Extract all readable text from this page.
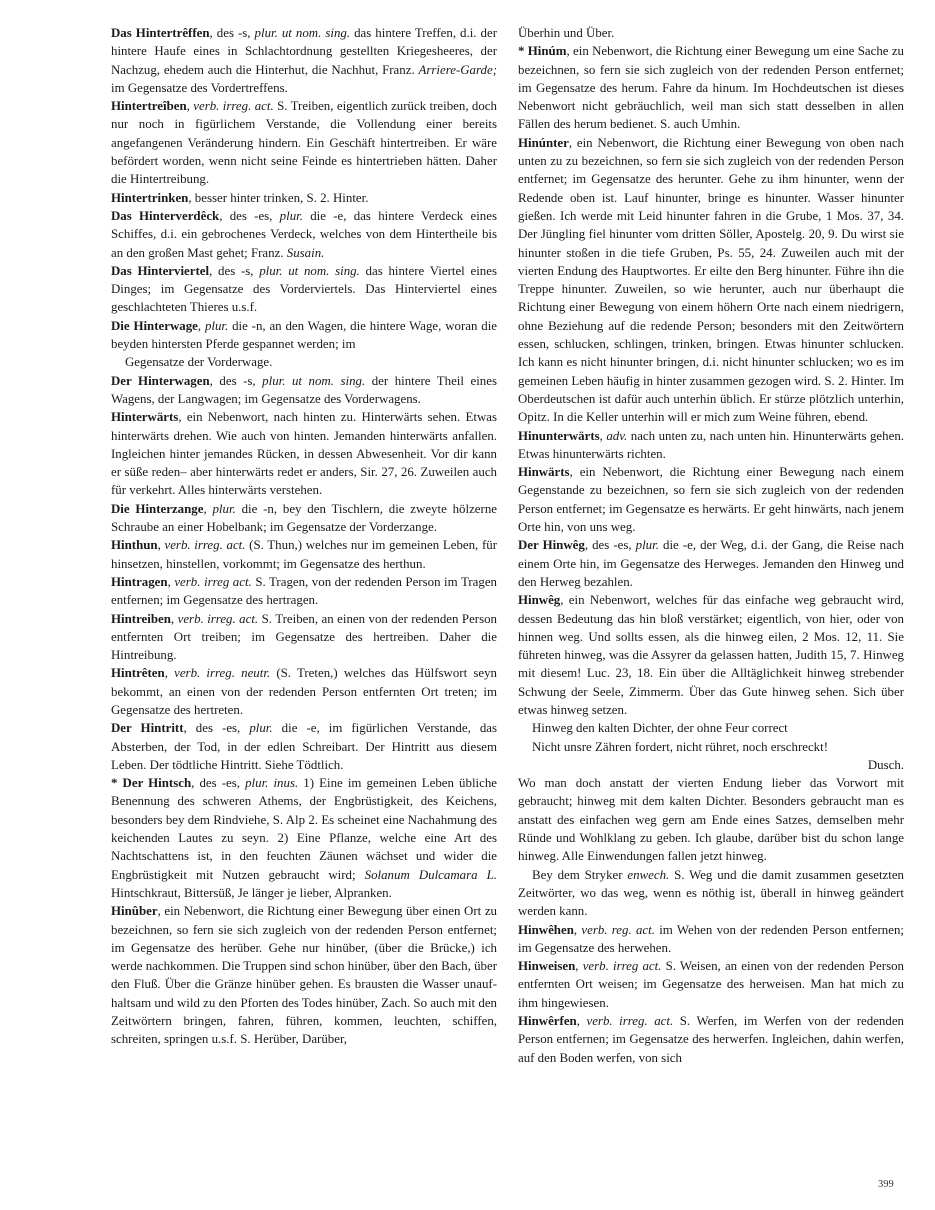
Das Hintertrêffen, des -s, plur. ut nom. sing. das hintere Treffen, d.i. der hintere Haufe eines in Schlachtordnung gestellten Kriegesheeres, der Nachzug, ehedem auch die Hinterhut, die Nachhut, Franz. Arriere-Garde; im Gegensatze des Vordertreffens.

Hintertreîben, verb. irreg. act. S. Treiben, eigentlich zurück treiben, doch nur noch in figürlichem Verstande, die Vollendung einer bereits angefangenen Veränderung hindern. Ein Geschäft hintertreiben. Er wäre befördert worden, wenn nicht seine Feinde es hintertrieben hätten. Daher die Hintertreibung.

Hintertrinken, besser hinter trinken, S. 2. Hinter.

Das Hinterverdêck, des -es, plur. die -e, das hintere Verdeck eines Schiffes, d.i. ein gebrochenes Verdeck, welches von dem Hintertheile bis an den großen Mast gehet; Franz. Susain.

Das Hinterviertel, des -s, plur. ut nom. sing. das hintere Viertel eines Dinges; im Gegensatze des Vorderviertels. Das Hinterviertel eines geschlachteten Thieres u.s.f.

Die Hinterwage, plur. die -n, an den Wagen, die hintere Wage, woran die beyden hintersten Pferde gespannet werden; im

Gegensatze der Vorderwage.

Der Hinterwagen, des -s, plur. ut nom. sing. der hintere Theil eines Wagens, der Langwagen; im Gegensatze des Vorderwagens.

Hinterwärts, ein Nebenwort, nach hinten zu. Hinterwärts sehen. Etwas hinterwärts drehen. Wie auch von hinten. Jemanden hinterwärts anfallen. Ingleichen hinter jemandes Rücken, in dessen Abwesenheit. Vor dir kann er süße reden– aber hinterwärts redet er anders, Sir. 27, 26. Zuweilen auch für verkehrt. Alles hinterwärts verstehen.

Die Hinterzange, plur. die -n, bey den Tischlern, die zweyte hölzerne Schraube an einer Hobelbank; im Gegensatze der Vorderzange.

Hinthun, verb. irreg. act. (S. Thun,) welches nur im gemeinen Leben, für hinsetzen, hinstellen, vorkommt; im Gegensatze des herthun.

Hintragen, verb. irreg act. S. Tragen, von der redenden Person im Tragen entfernen; im Gegensatze des hertragen.

Hintreiben, verb. irreg. act. S. Treiben, an einen von der redenden Person entfernten Ort treiben; im Gegensatze des hertreiben. Daher die Hintreibung.

Hintrêten, verb. irreg. neutr. (S. Treten,) welches das Hülfswort seyn bekommt, an einen von der redenden Person entfernten Ort treten; im Gegensatze des hertreten.

Der Hintritt, des -es, plur. die -e, im figürlichen Verstande, das Absterben, der Tod, in der edlen Schreibart. Der Hintritt aus diesem Leben. Der tödtliche Hintritt. Siehe Tödtlich.

* Der Hintsch, des -es, plur. inus. 1) Eine im gemeinen Leben übliche Benennung des schweren Athems, der Engbrüstigkeit, des Keichens, besonders bey dem Rindviehe, S. Alp 2. Es scheinet eine Nachahmung des keichenden Lautes zu seyn. 2) Eine Pflanze, welche eine Art des Nachtschattens ist, in den feuchten Zäunen wächset und wider die Engbrüstigkeit mit Nutzen gebraucht wird; Solanum Dulcamara L. Hintschkraut, Bittersüß, Je länger je lieber, Alpranken.

Hinûber, ein Nebenwort, die Richtung einer Bewegung über einen Ort zu bezeichnen, so fern sie sich zugleich von der redenden Person entfernet; im Gegensatze des herüber. Gehe nur hinüber, (über die Brücke,) ich werde nachkommen. Die Truppen sind schon hinüber, über den Bach, über den Fluß. Über die Gränze hinüber gehen. Es brausten die Wasser unaufhaltsam und wild zu den Pforten des Todes hinüber, Zach. So auch mit den Zeitwörtern bringen, fahren, führen, kommen, leuchten, schiffen, schreiten, springen u.s.f. S. Herüber, Darüber,

Überhin und Über.

* Hinúm, ein Nebenwort, die Richtung einer Bewegung um eine Sache zu bezeichnen, so fern sie sich zugleich von der redenden Person entfernet; im Gegensatze des herum. Fahre da hinum. Im Hochdeutschen ist dieses Nebenwort nicht gebräuchlich, weil man sich statt desselben in allen Fällen des herum bedienet. S. auch Umhin.

Hinúnter, ein Nebenwort, die Richtung einer Bewegung von oben nach unten zu zu bezeichnen, so fern sie sich zugleich von der redenden Person entfernet; im Gegensatze des herunter. Gehe zu ihm hinunter, wenn der Redende oben ist. Lauf hinunter, bringe es hinunter. Wasser hinunter gießen. Ich werde mit Leid hinunter fahren in die Grube, 1 Mos. 37, 34. Der Jüngling fiel hinunter vom dritten Söller, Apostelg. 20, 9. Du wirst sie hinunter stoßen in die tiefe Gruben, Ps. 55, 24. Zuweilen auch mit der vierten Endung des Hauptwortes. Er eilte den Berg hinunter. Führe ihn die Treppe hinunter. Zuweilen, so wie herunter, auch nur überhaupt die Richtung einer Bewegung von einem höhern Orte nach einem niedrigern, ohne Beziehung auf die redende Person; besonders mit den Zeitwörtern essen, schlucken, schlingen, trinken, bringen. Etwas hinunter schlucken. Ich kann es nicht hinunter bringen, d.i. nicht hinunter schlucken; wo es im gemeinen Leben häufig in hinter zusammen gezogen wird. S. 2. Hinter. Im Oberdeutschen ist dafür auch unterhin üblich. Er stürze plötzlich unterhin, Opitz. In die Keller unterhin will er mich zum Weine führen, ebend.

Hinunterwärts, adv. nach unten zu, nach unten hin. Hinunterwärts gehen. Etwas hinunterwärts richten.

Hinwärts, ein Nebenwort, die Richtung einer Bewegung nach einem Gegenstande zu bezeichnen, so fern sie sich zugleich von der redenden Person entfernet; im Gegensatze es herwärts. Er geht hinwärts, nach jenem Orte hin, von uns weg.

Der Hinwêg, des -es, plur. die -e, der Weg, d.i. der Gang, die Reise nach einem Orte hin, im Gegensatze des Herweges. Jemanden den Hinweg und den Herweg bezahlen.

Hinwêg, ein Nebenwort, welches für das einfache weg gebraucht wird, dessen Bedeutung das hin bloß verstärket; eigentlich, von hier, oder von hinnen weg. Und sollts essen, als die hinweg eilen, 2 Mos. 12, 11. Sie führeten hinweg, was die Assyrer da gelassen hatten, Judith 15, 7. Hinweg mit diesem! Luc. 23, 18. Ein über die Alltäglichkeit hinweg strebender Schwung der Seele, Zimmerm. Über das Gute hinweg sehen. Sich über etwas hinweg setzen.

Hinweg den kalten Dichter, der ohne Feur correct

Nicht unsre Zähren fordert, nicht rühret, noch erschreckt!

Dusch.

Wo man doch anstatt der vierten Endung lieber das Vorwort mit gebraucht; hinweg mit dem kalten Dichter. Besonders gebraucht man es anstatt des einfachen weg gern am Ende eines Satzes, demselben mehr Ründe und Wohlklang zu geben. Ich glaube, darüber bist du schon lange hinweg. Alle Einwendungen fallen jetzt hinweg.

Bey dem Stryker enwech. S. Weg und die damit zusammen gesetzten Zeitwörter, wo das weg, wenn es nöthig ist, überall in hinweg geändert werden kann.

Hinwêhen, verb. reg. act. im Wehen von der redenden Person entfernen; im Gegensatze des herwehen.

Hinweisen, verb. irreg act. S. Weisen, an einen von der redenden Person entfernten Ort weisen; im Gegensatze des herweisen. Man hat mich zu ihm hingewiesen.

Hinwêrfen, verb. irreg. act. S. Werfen, im Werfen von der redenden Person entfernen; im Gegensatze des herwerfen. Ingleichen, dahin werfen, auf den Boden werfen, von sich

399
